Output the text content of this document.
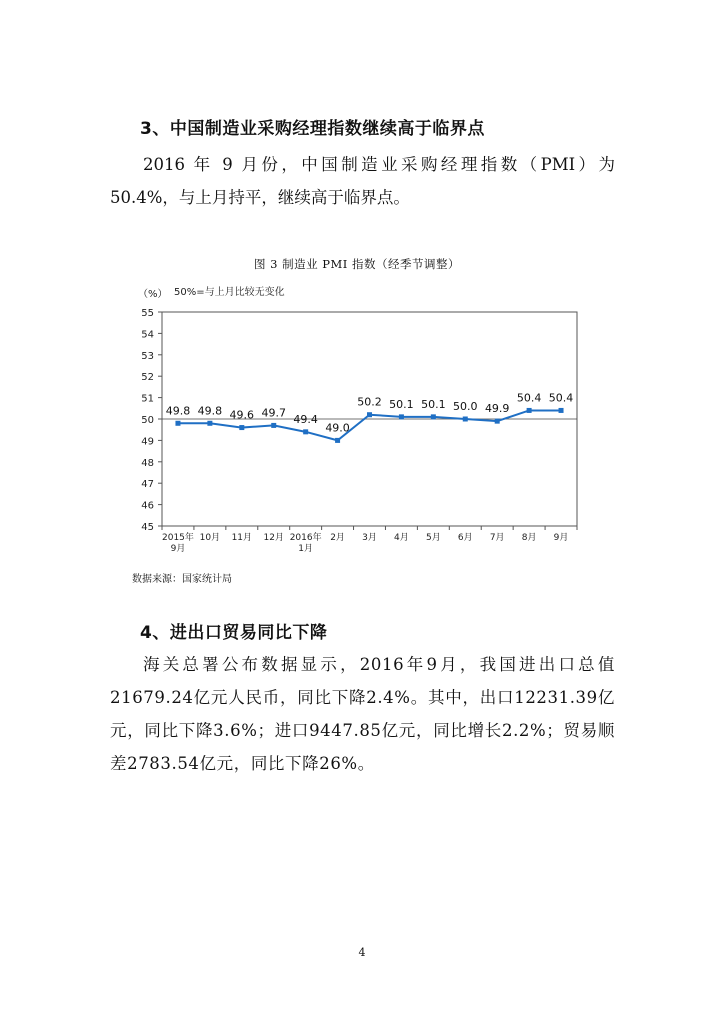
3、中国制造业采购经理指数继续高于临界点
2016 年 9 月份，中国制造业采购经理指数（PMI）为 50.4%，与上月持平，继续高于临界点。
图 3 制造业 PMI 指数（经季节调整）
45
46
47
48
49
50
51
52
53
54
55
（%） 50%=与上月比较无变化
2015年
9月
10月 11月 12月 2016年
1月
2月 3月 4月 5月 6月 7月 8月 9月
49.8 49.8 49.6 49.7 49.4
49.0
50.2 50.1 50.1 50.0 49.9
50.4 50.4
数据来源：国家统计局
4、进出口贸易同比下降
海关总署公布数据显示，2016年9月，我国进出口总值21679.24亿元人民币，同比下降2.4%。其中，出口12231.39亿元，同比下降3.6%；进口9447.85亿元，同比增长2.2%；贸易顺差2783.54亿元，同比下降26%。
4
